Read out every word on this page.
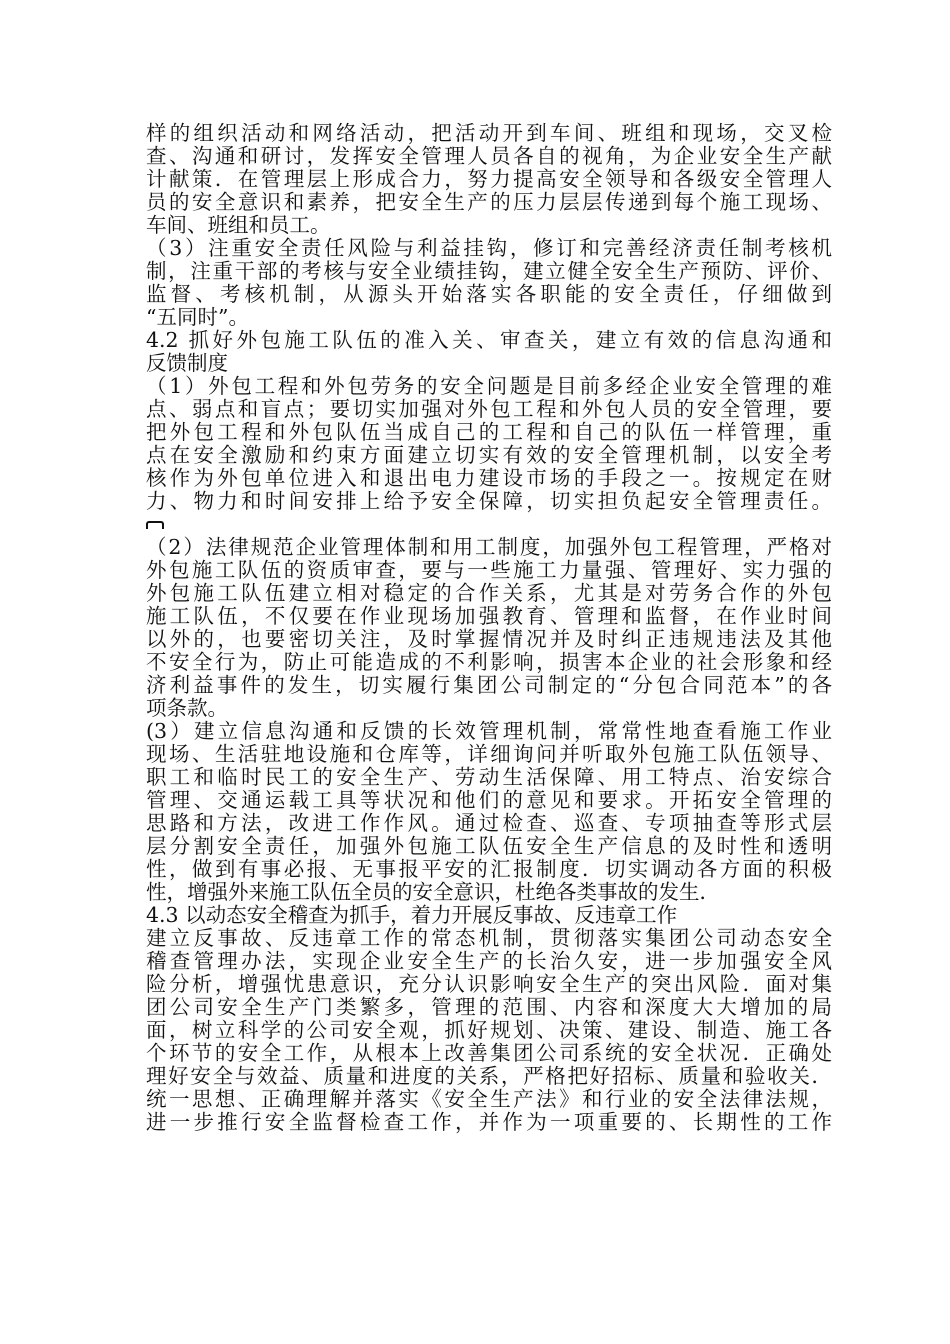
样的组织活动和网络活动，把活动开到车间、班组和现场，交叉检
查、沟通和研讨，发挥安全管理人员各自的视角，为企业安全生产献
计献策．在管理层上形成合力，努力提高安全领导和各级安全管理人
员的安全意识和素养，把安全生产的压力层层传递到每个施工现场、
车间、班组和员工。
（3）注重安全责任风险与利益挂钩，修订和完善经济责任制考核机
制，注重干部的考核与安全业绩挂钩，建立健全安全生产预防、评价、
监督、考核机制，从源头开始落实各职能的安全责任，仔细做到
“五同时”。
4.2 抓好外包施工队伍的准入关、审查关，建立有效的信息沟通和
反馈制度
（1）外包工程和外包劳务的安全问题是目前多经企业安全管理的难
点、弱点和盲点；要切实加强对外包工程和外包人员的安全管理，要
把外包工程和外包队伍当成自己的工程和自己的队伍一样管理，重
点在安全激励和约束方面建立切实有效的安全管理机制，以安全考
核作为外包单位进入和退出电力建设市场的手段之一。按规定在财
力、物力和时间安排上给予安全保障，切实担负起安全管理责任。
（2）法律规范企业管理体制和用工制度，加强外包工程管理，严格对
外包施工队伍的资质审查，要与一些施工力量强、管理好、实力强的
外包施工队伍建立相对稳定的合作关系，尤其是对劳务合作的外包
施工队伍，不仅要在作业现场加强教育、管理和监督，在作业时间
以外的，也要密切关注，及时掌握情况并及时纠正违规违法及其他
不安全行为，防止可能造成的不利影响，损害本企业的社会形象和经
济利益事件的发生，切实履行集团公司制定的“分包合同范本”的各
项条款。
(3）建立信息沟通和反馈的长效管理机制，常常性地查看施工作业
现场、生活驻地设施和仓库等，详细询问并听取外包施工队伍领导、
职工和临时民工的安全生产、劳动生活保障、用工特点、治安综合
管理、交通运载工具等状况和他们的意见和要求。开拓安全管理的
思路和方法，改进工作作风。通过检查、巡查、专项抽查等形式层
层分割安全责任，加强外包施工队伍安全生产信息的及时性和透明
性，做到有事必报、无事报平安的汇报制度．切实调动各方面的积极
性，增强外来施工队伍全员的安全意识，杜绝各类事故的发生．
4.3 以动态安全稽查为抓手，着力开展反事故、反违章工作
建立反事故、反违章工作的常态机制，贯彻落实集团公司动态安全
稽查管理办法，实现企业安全生产的长治久安，进一步加强安全风
险分析，增强忧患意识，充分认识影响安全生产的突出风险．面对集
团公司安全生产门类繁多，管理的范围、内容和深度大大增加的局
面，树立科学的公司安全观，抓好规划、决策、建设、制造、施工各
个环节的安全工作，从根本上改善集团公司系统的安全状况．正确处
理好安全与效益、质量和进度的关系，严格把好招标、质量和验收关．
统一思想、正确理解并落实《安全生产法》和行业的安全法律法规，
进一步推行安全监督检查工作，并作为一项重要的、长期性的工作
